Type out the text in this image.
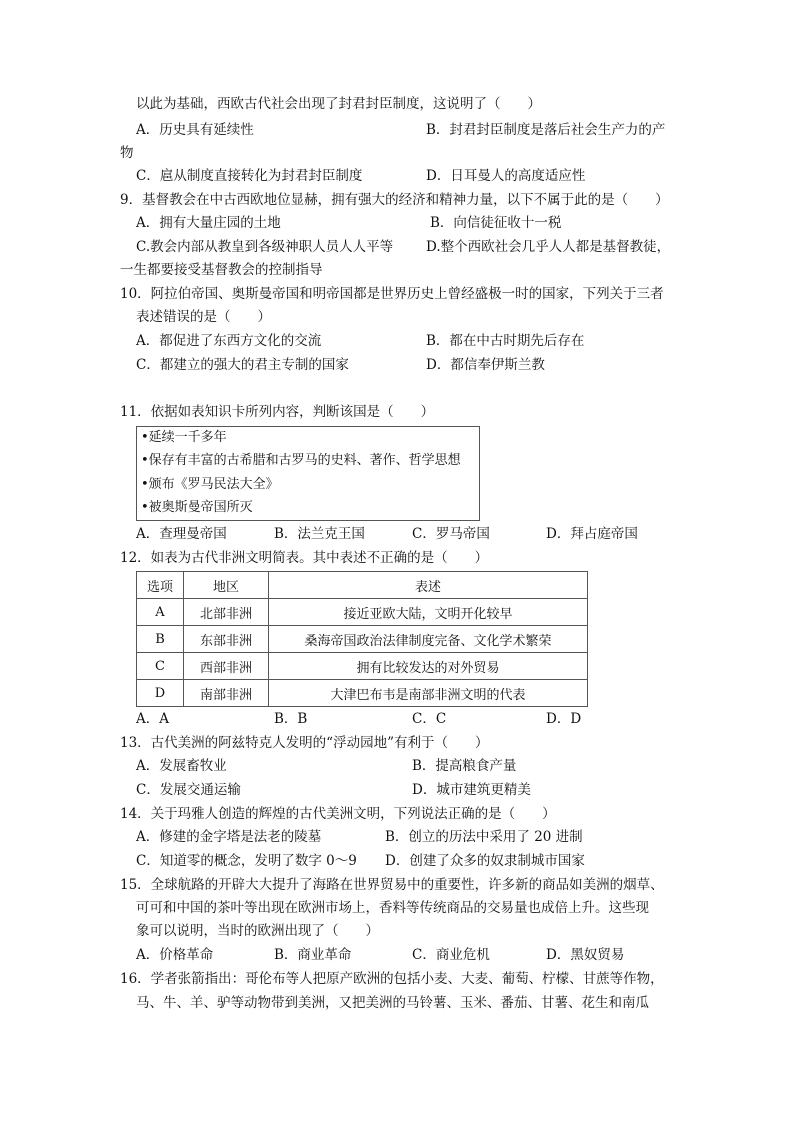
以此为基础，西欧古代社会出现了封君封臣制度，这说明了（　　）
A．历史具有延续性	B．封君封臣制度是落后社会生产力的产
物
C．扈从制度直接转化为封君封臣制度	D．日耳曼人的高度适应性
9．基督教会在中古西欧地位显赫，拥有强大的经济和精神力量，以下不属于此的是（　　）
A．拥有大量庄园的土地	B．向信徒征收十一税
C.教会内部从教皇到各级神职人员人人平等 D.整个西欧社会几乎人人都是基督教徒，
一生都要接受基督教会的控制指导
10．阿拉伯帝国、奥斯曼帝国和明帝国都是世界历史上曾经盛极一时的国家，下列关于三者
表述错误的是（　　）
A．都促进了东西方文化的交流	B．都在中古时期先后存在
C．都建立的强大的君主专制的国家	D．都信奉伊斯兰教
11．依据如表知识卡所列内容，判断该国是（　　）
•延续一千多年
•保存有丰富的古希腊和古罗马的史料、著作、哲学思想
•颁布《罗马民法大全》
•被奥斯曼帝国所灭
A．查理曼帝国	B．法兰克王国	C．罗马帝国	D．拜占庭帝国
12．如表为古代非洲文明简表。其中表述不正确的是（　　）
选项	地区	表述
A	北部非洲	接近亚欧大陆，文明开化较早
B	东部非洲	桑海帝国政治法律制度完备、文化学术繁荣
C	西部非洲	拥有比较发达的对外贸易
D	南部非洲	大津巴布韦是南部非洲文明的代表
A．A	B．B	C．C	D．D
13．古代美洲的阿兹特克人发明的“浮动园地”有利于（　　）
A．发展畜牧业	B．提高粮食产量
C．发展交通运输	D．城市建筑更精美
14．关于玛雅人创造的辉煌的古代美洲文明，下列说法正确的是（　　）
A．修建的金字塔是法老的陵墓	B．创立的历法中采用了 20 进制
C．知道零的概念，发明了数字 0～9 D．创建了众多的奴隶制城市国家
15．全球航路的开辟大大提升了海路在世界贸易中的重要性，许多新的商品如美洲的烟草、
可可和中国的茶叶等出现在欧洲市场上，香料等传统商品的交易量也成倍上升。这些现
象可以说明，当时的欧洲出现了（　　）
A．价格革命	B．商业革命	C．商业危机	D．黑奴贸易
16．学者张箭指出：哥伦布等人把原产欧洲的包括小麦、大麦、葡萄、柠檬、甘蔗等作物，
马、牛、羊、驴等动物带到美洲，又把美洲的马铃薯、玉米、番茄、甘薯、花生和南瓜
